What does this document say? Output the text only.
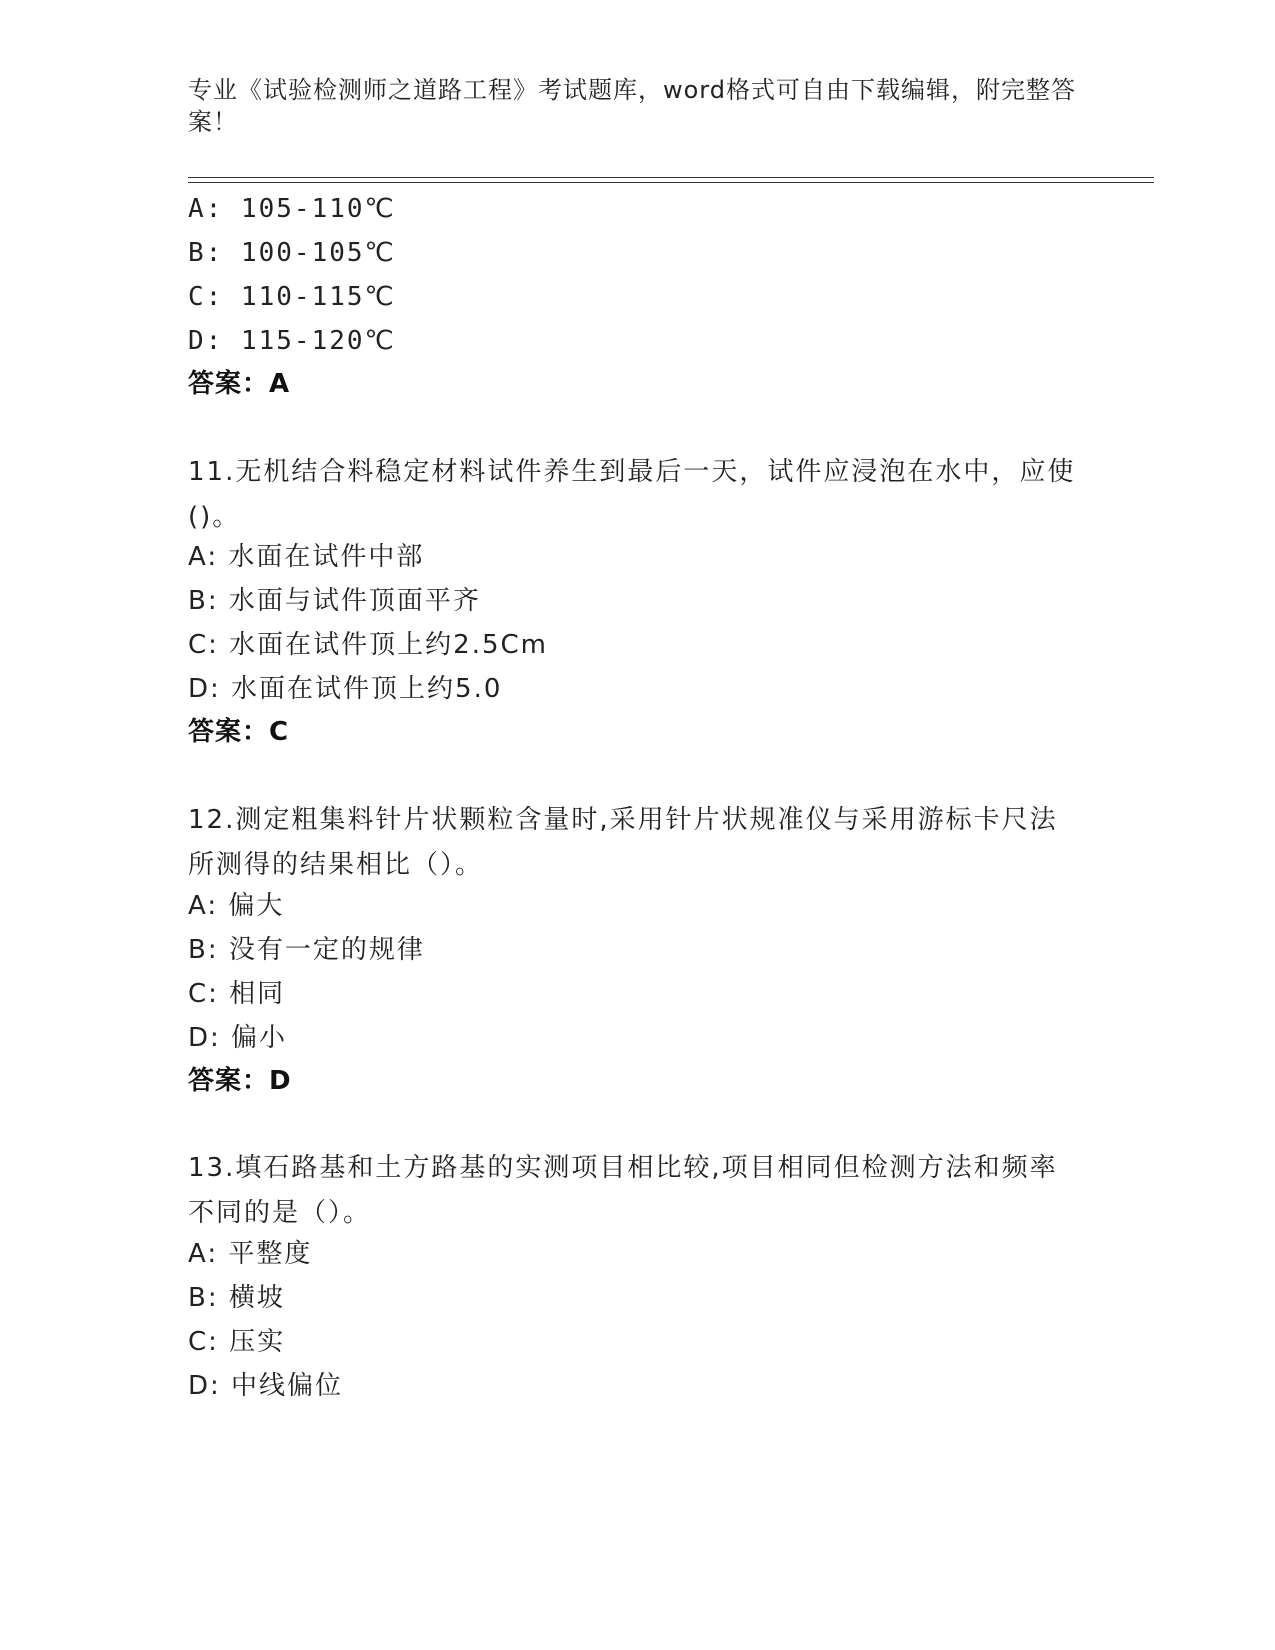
专业《试验检测师之道路工程》考试题库，word格式可自由下载编辑，附完整答案！
A: 105-110℃
B: 100-105℃
C: 110-115℃
D: 115-120℃
答案：A
11.无机结合料稳定材料试件养生到最后一天，试件应浸泡在水中，应使()。
A: 水面在试件中部
B: 水面与试件顶面平齐
C: 水面在试件顶上约2.5Cm
D: 水面在试件顶上约5.0
答案：C
12.测定粗集料针片状颗粒含量时,采用针片状规准仪与采用游标卡尺法所测得的结果相比（）。
A: 偏大
B: 没有一定的规律
C: 相同
D: 偏小
答案：D
13.填石路基和土方路基的实测项目相比较,项目相同但检测方法和频率不同的是（）。
A: 平整度
B: 横坡
C: 压实
D: 中线偏位
